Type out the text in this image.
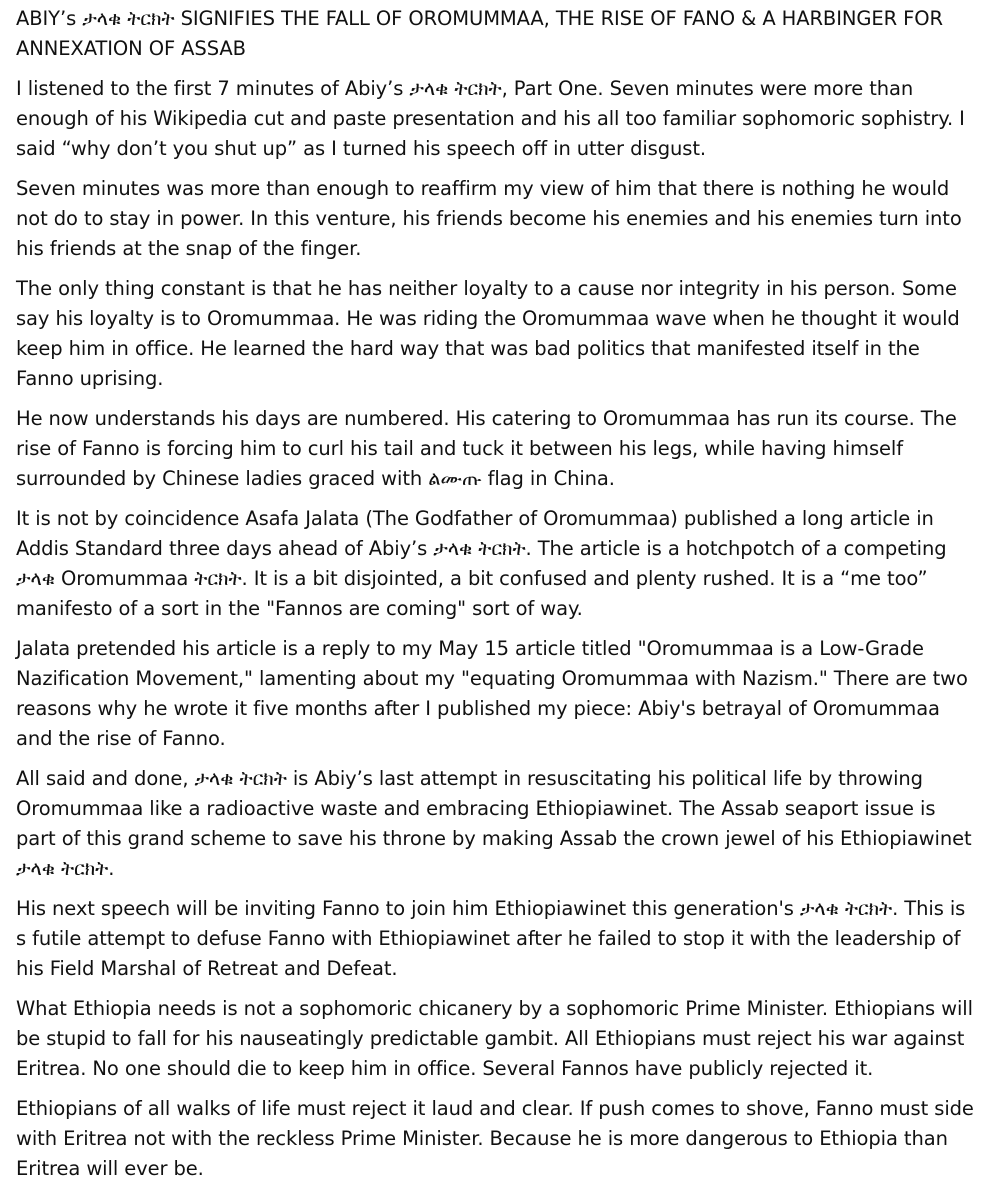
ABIY’s ታላቁ ትርክት SIGNIFIES THE FALL OF OROMUMMAA, THE RISE OF FANO & A HARBINGER FOR ANNEXATION OF ASSAB

I listened to the first 7 minutes of Abiy’s ታላቁ ትርክት, Part One. Seven minutes were more than enough of his Wikipedia cut and paste presentation and his all too familiar sophomoric sophistry. I said “why don’t you shut up” as I turned his speech off in utter disgust.

Seven minutes was more than enough to reaffirm my view of him that there is nothing he would not do to stay in power. In this venture, his friends become his enemies and his enemies turn into his friends at the snap of the finger.

The only thing constant is that he has neither loyalty to a cause nor integrity in his person. Some say his loyalty is to Oromummaa. He was riding the Oromummaa wave when he thought it would keep him in office. He learned the hard way that was bad politics that manifested itself in the Fanno uprising.

He now understands his days are numbered. His catering to Oromummaa has run its course. The rise of Fanno is forcing him to curl his tail and tuck it between his legs, while having himself surrounded by Chinese ladies graced with ልሙጡ flag in China.

It is not by coincidence Asafa Jalata (The Godfather of Oromummaa) published a long article in Addis Standard three days ahead of Abiy’s ታላቁ ትርክት. The article is a hotchpotch of a competing ታላቁ Oromummaa ትርክት. It is a bit disjointed, a bit confused and plenty rushed. It is a “me too” manifesto of a sort in the "Fannos are coming" sort of way.

Jalata pretended his article is a reply to my May 15 article titled "Oromummaa is a Low-Grade Nazification Movement," lamenting about my "equating Oromummaa with Nazism." There are two reasons why he wrote it five months after I published my piece: Abiy's betrayal of Oromummaa and the rise of Fanno.

All said and done, ታላቁ ትርክት is Abiy’s last attempt in resuscitating his political life by throwing Oromummaa like a radioactive waste and embracing Ethiopiawinet. The Assab seaport issue is part of this grand scheme to save his throne by making Assab the crown jewel of his Ethiopiawinet ታላቁ ትርክት.

His next speech will be inviting Fanno to join him Ethiopiawinet this generation's ታላቁ ትርክት. This is s futile attempt to defuse Fanno with Ethiopiawinet after he failed to stop it with the leadership of his Field Marshal of Retreat and Defeat.

What Ethiopia needs is not a sophomoric chicanery by a sophomoric Prime Minister. Ethiopians will be stupid to fall for his nauseatingly predictable gambit. All Ethiopians must reject his war against Eritrea. No one should die to keep him in office. Several Fannos have publicly rejected it.

Ethiopians of all walks of life must reject it laud and clear. If push comes to shove, Fanno must side with Eritrea not with the reckless Prime Minister. Because he is more dangerous to Ethiopia than Eritrea will ever be.
